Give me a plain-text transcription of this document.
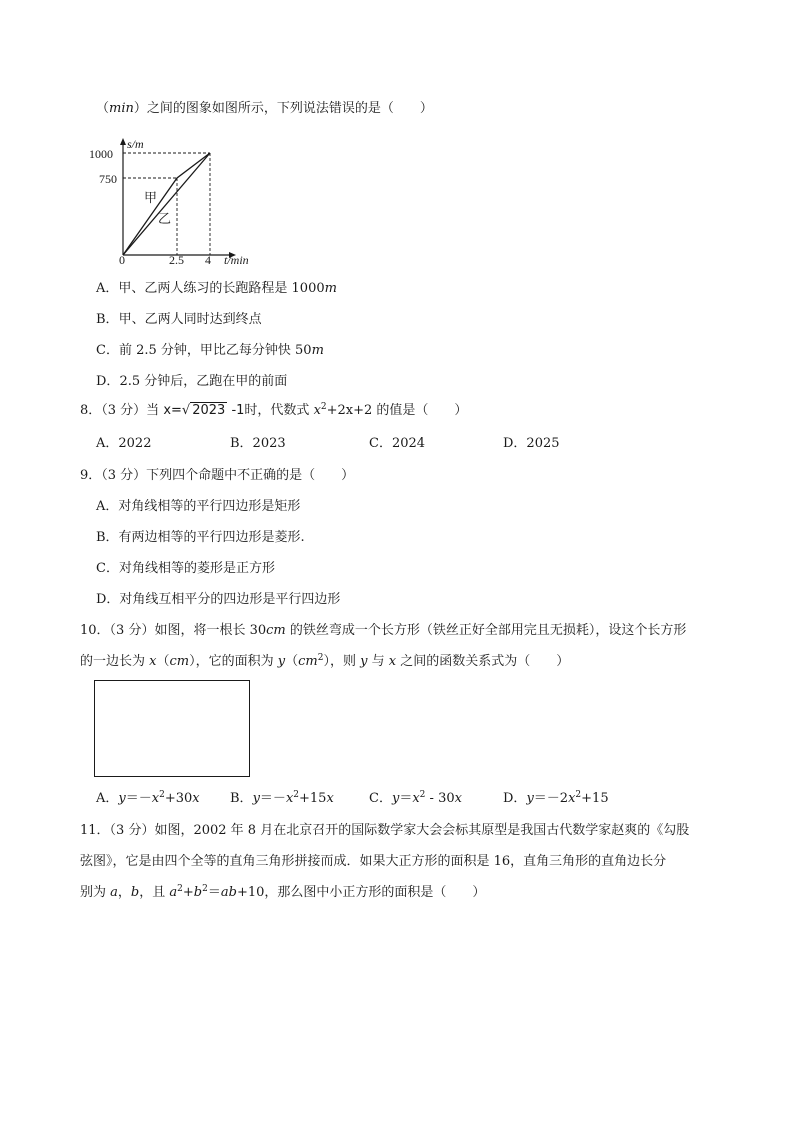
（min）之间的图象如图所示，下列说法错误的是（　　）
s/m
1000
750
0	2.5 4 t/min
甲
乙
A．甲、乙两人练习的长跑路程是 1000m
B．甲、乙两人同时达到终点
C．前 2.5 分钟，甲比乙每分钟快 50m
D．2.5 分钟后，乙跑在甲的前面
8．（3 分）当 x=√ 2023 -1时，代数式 $x^2+2x+2$ 的值是（　　）
A．2022	B．2023	C．2024	D．2025
9．（3 分）下列四个命题中不正确的是（　　）
A．对角线相等的平行四边形是矩形
B．有两边相等的平行四边形是菱形.
C．对角线相等的菱形是正方形
D．对角线互相平分的四边形是平行四边形
10．（3 分）如图，将一根长 30cm 的铁丝弯成一个长方形（铁丝正好全部用完且无损耗），设这个长方形
的一边长为 x（cm），它的面积为 $y(cm^2)$，则 y 与 x 之间的函数关系式为（　　）
A．$y=-x^2+30x$ B．$y=-x^2+15x$	C．$y=x^2 - 30x$	D．$y=-2x^2+15$
11．（3 分）如图，2002 年 8 月在北京召开的国际数学家大会会标其原型是我国古代数学家赵爽的《勾股
弦图》，它是由四个全等的直角三角形拼接而成．如果大正方形的面积是 16，直角三角形的直角边长分
别为 a，b，且 $a^2+b^2=ab+10$，那么图中小正方形的面积是（　　）
